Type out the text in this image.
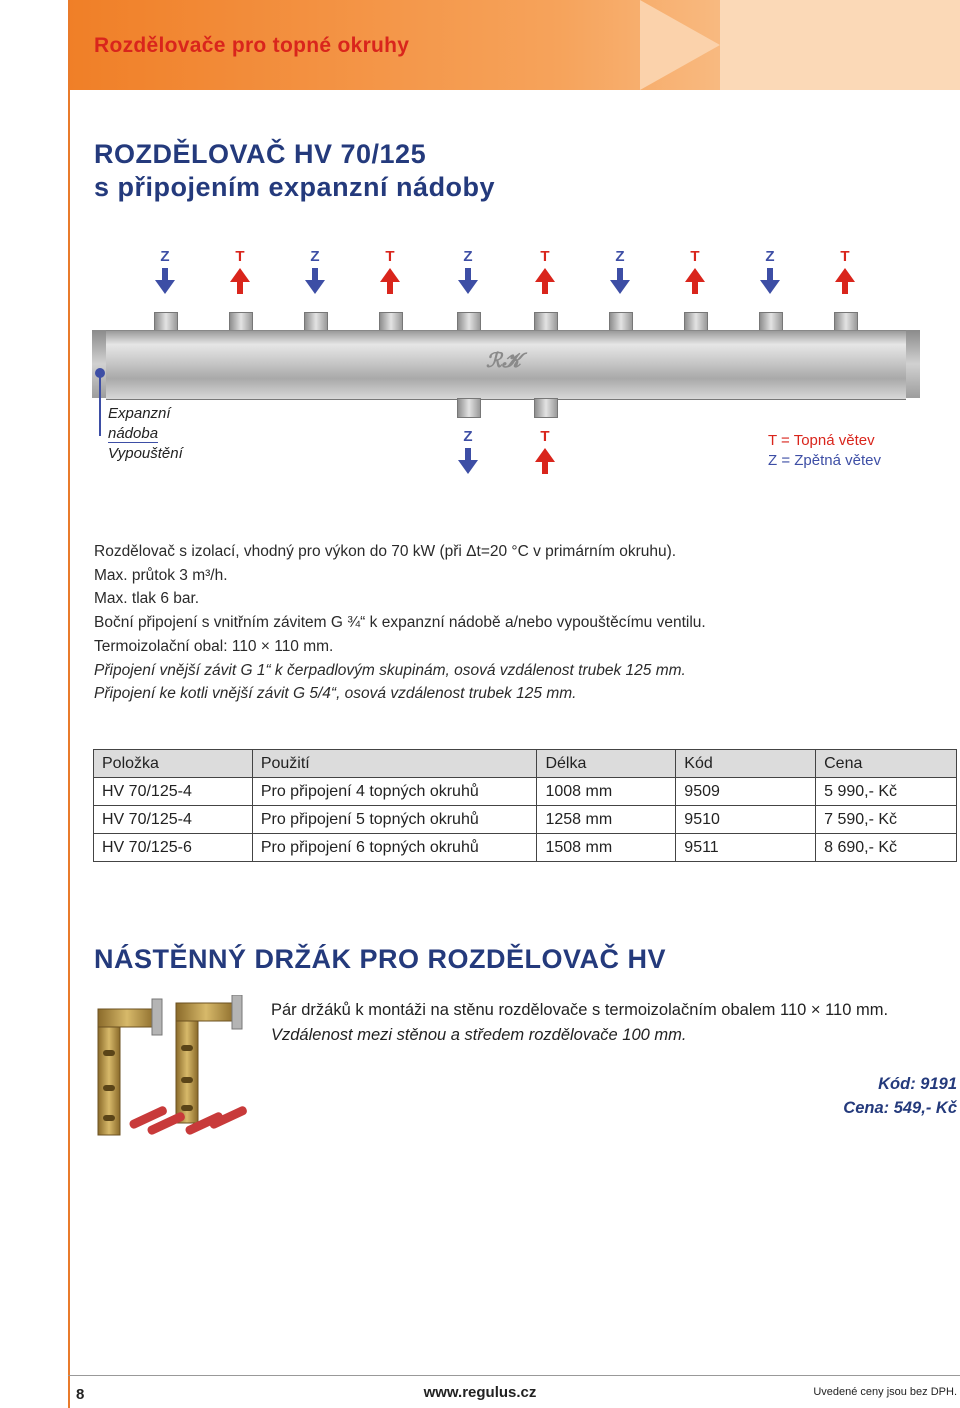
Rozdělovače pro topné okruhy
ROZDĚLOVAČ HV 70/125
s připojením expanzní nádoby
Z	T	Z	T	Z	T	Z	T	Z	T
ℛ𝓚
Z	T
Expanzní
nádoba
Vypouštění
T = Topná větev
Z = Zpětná větev
Rozdělovač s izolací, vhodný pro výkon do 70 kW (při Δt=20 °C v primárním okruhu).
Max. průtok 3 m³/h.
Max. tlak 6 bar.
Boční připojení s vnitřním závitem G ¾“ k expanzní nádobě a/nebo vypouštěcímu ventilu.
Termoizolační obal: 110 × 110 mm.
Připojení vnější závit G 1“ k čerpadlovým skupinám, osová vzdálenost trubek 125 mm.
Připojení ke kotli vnější závit G 5/4“, osová vzdálenost trubek 125 mm.
Položka	Použití	Délka	Kód	Cena
HV 70/125-4	Pro připojení 4 topných okruhů	1008 mm	9509	5 990,- Kč
HV 70/125-4	Pro připojení 5 topných okruhů	1258 mm	9510	7 590,- Kč
HV 70/125-6	Pro připojení 6 topných okruhů	1508 mm	9511	8 690,- Kč
NÁSTĚNNÝ DRŽÁK PRO ROZDĚLOVAČ HV
Pár držáků k montáži na stěnu rozdělovače s termoizolačním obalem 110 × 110 mm.
Vzdálenost mezi stěnou a středem rozdělovače 100 mm.
Kód: 9191
Cena: 549,- Kč
8	www.regulus.cz	Uvedené ceny jsou bez DPH.
